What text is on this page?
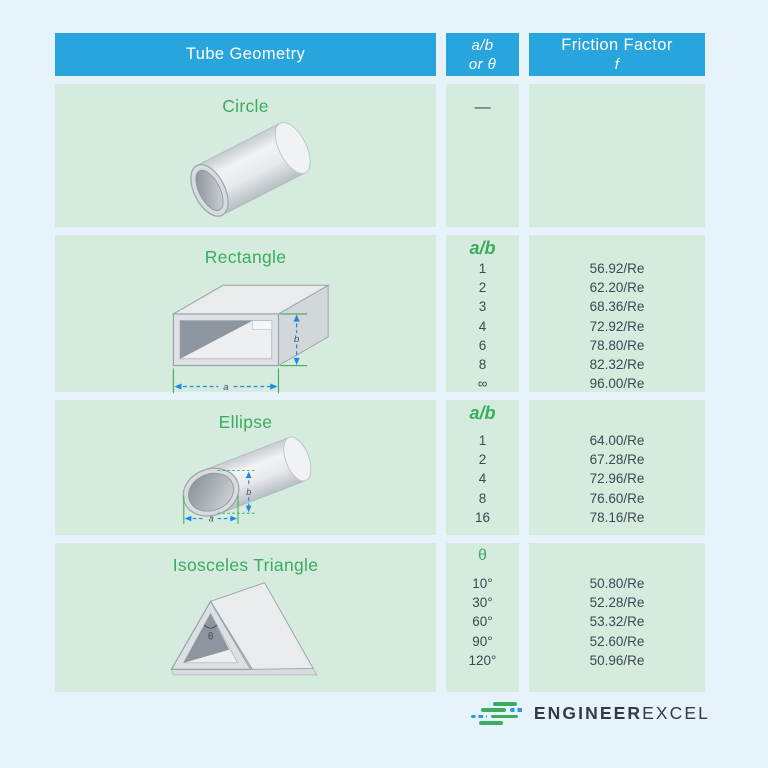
Tube Geometry	a/b
or θ
Friction Factor
f
Circle	—
Rectangle
b
a
a/b
1
2
3
4
6
8
∞
56.92/Re
62.20/Re
68.36/Re
72.92/Re
78.80/Re
82.32/Re
96.00/Re
Ellipse
b
a
a/b
1
2
4
8
16
64.00/Re
67.28/Re
72.96/Re
76.60/Re
78.16/Re
Isosceles Triangle
θ
θ
10°
30°
60°
90°
120°
50.80/Re
52.28/Re
53.32/Re
52.60/Re
50.96/Re
ENGINEEREXCEL
